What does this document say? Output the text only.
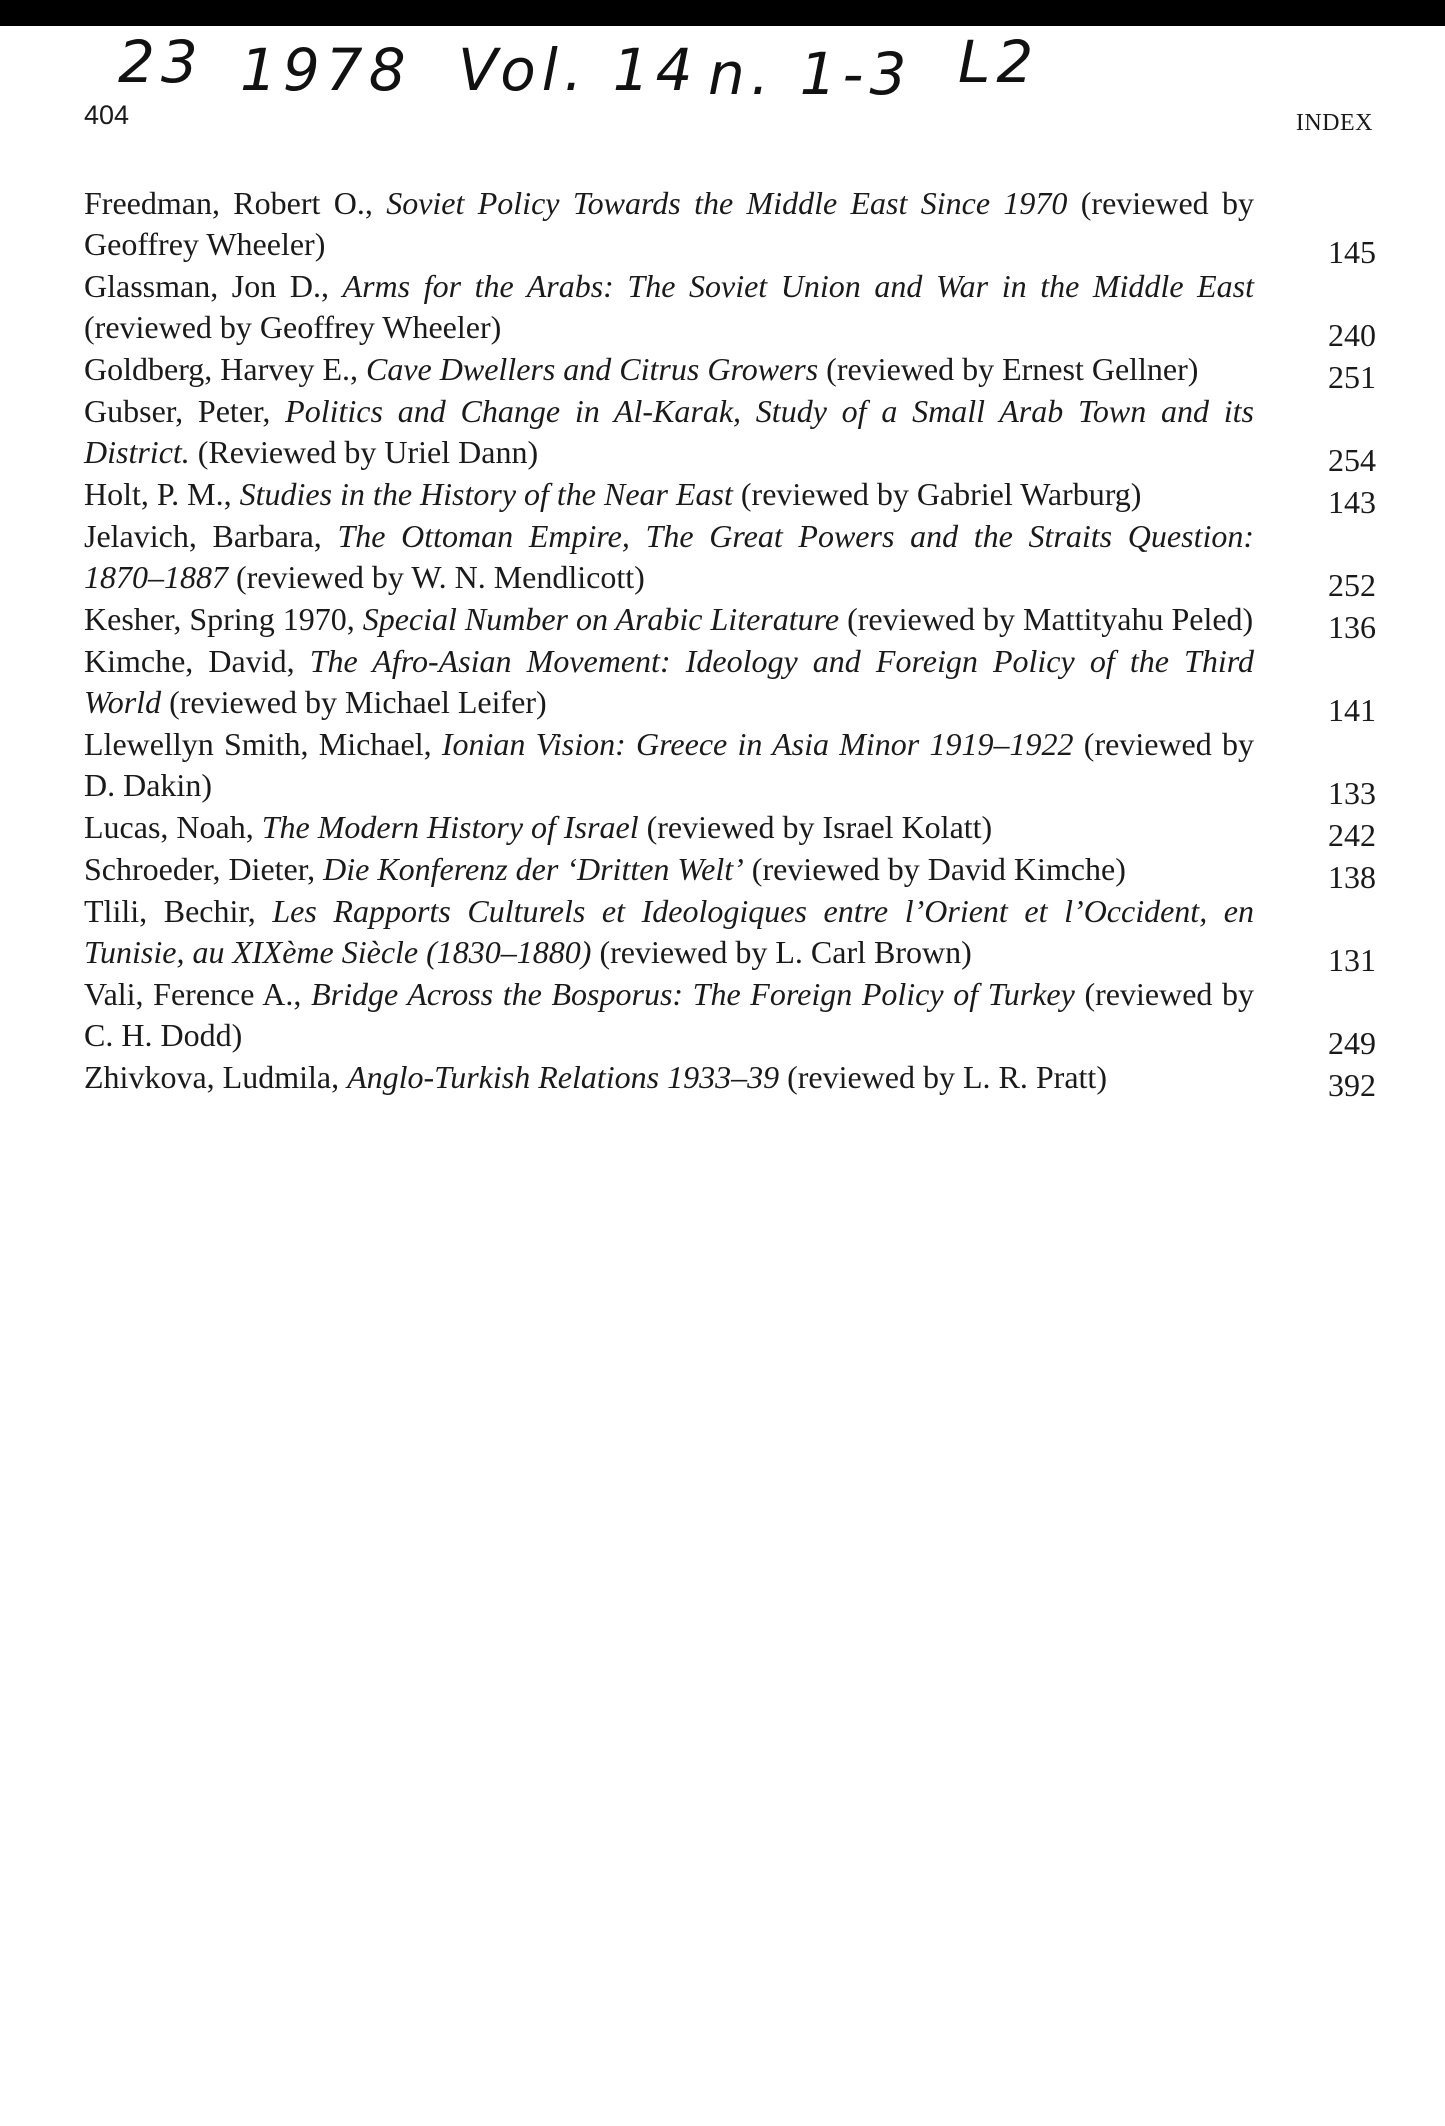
23 1978 Vol. 14 n. 1-3 L2
404	INDEX
Freedman, Robert O., Soviet Policy Towards the Middle East Since 1970 (reviewed by Geoffrey Wheeler)	145
Glassman, Jon D., Arms for the Arabs: The Soviet Union and War in the Middle East (reviewed by Geoffrey Wheeler)	240
Goldberg, Harvey E., Cave Dwellers and Citrus Growers (reviewed by Ernest Gellner)	251
Gubser, Peter, Politics and Change in Al-Karak, Study of a Small Arab Town and its District. (Reviewed by Uriel Dann)	254
Holt, P. M., Studies in the History of the Near East (reviewed by Gabriel Warburg)	143
Jelavich, Barbara, The Ottoman Empire, The Great Powers and the Straits Question: 1870–1887 (reviewed by W. N. Mendlicott)	252
Kesher, Spring 1970, Special Number on Arabic Literature (reviewed by Mattityahu Peled)	136
Kimche, David, The Afro-Asian Movement: Ideology and Foreign Policy of the Third World (reviewed by Michael Leifer)	141
Llewellyn Smith, Michael, Ionian Vision: Greece in Asia Minor 1919–1922 (reviewed by D. Dakin)	133
Lucas, Noah, The Modern History of Israel (reviewed by Israel Kolatt)	242
Schroeder, Dieter, Die Konferenz der ‘Dritten Welt’ (reviewed by David Kimche)	138
Tlili, Bechir, Les Rapports Culturels et Ideologiques entre l’Orient et l’Occident, en Tunisie, au XIXème Siècle (1830–1880) (reviewed by L. Carl Brown)	131
Vali, Ference A., Bridge Across the Bosporus: The Foreign Policy of Turkey (reviewed by C. H. Dodd)	249
Zhivkova, Ludmila, Anglo-Turkish Relations 1933–39 (reviewed by L. R. Pratt)	392
